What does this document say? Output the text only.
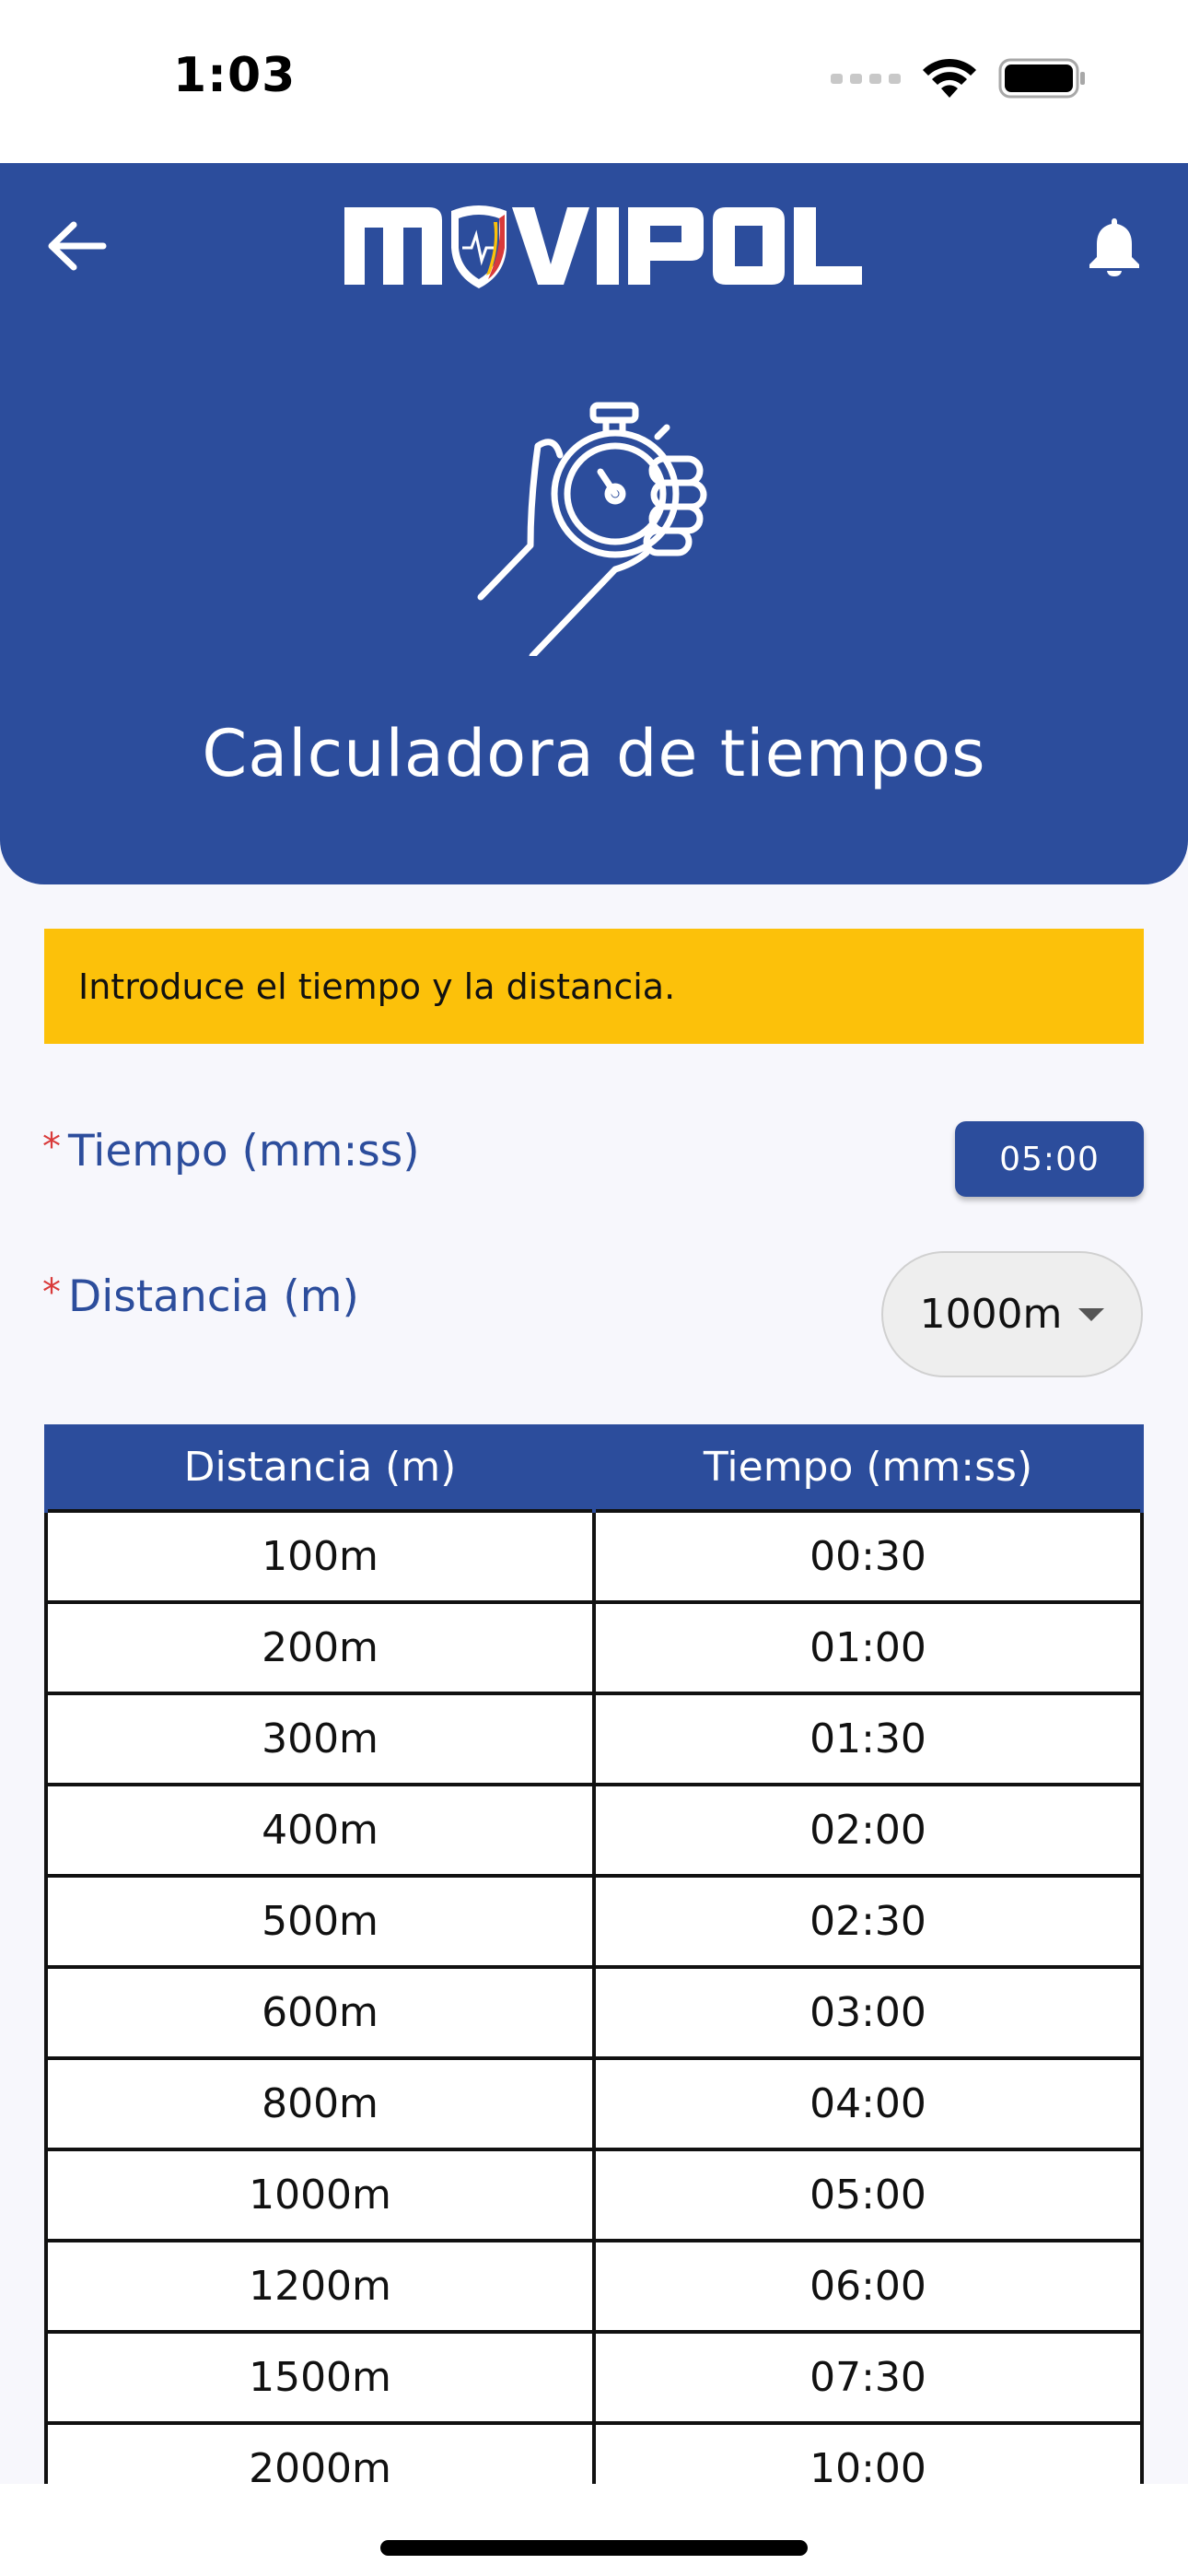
1:03
Calculadora de tiempos
Introduce el tiempo y la distancia.
* Tiempo (mm:ss)	05:00
* Distancia (m)	1000m
Distancia (m)	Tiempo (mm:ss)
100m	00:30
200m	01:00
300m	01:30
400m	02:00
500m	02:30
600m	03:00
800m	04:00
1000m	05:00
1200m	06:00
1500m	07:30
2000m	10:00
